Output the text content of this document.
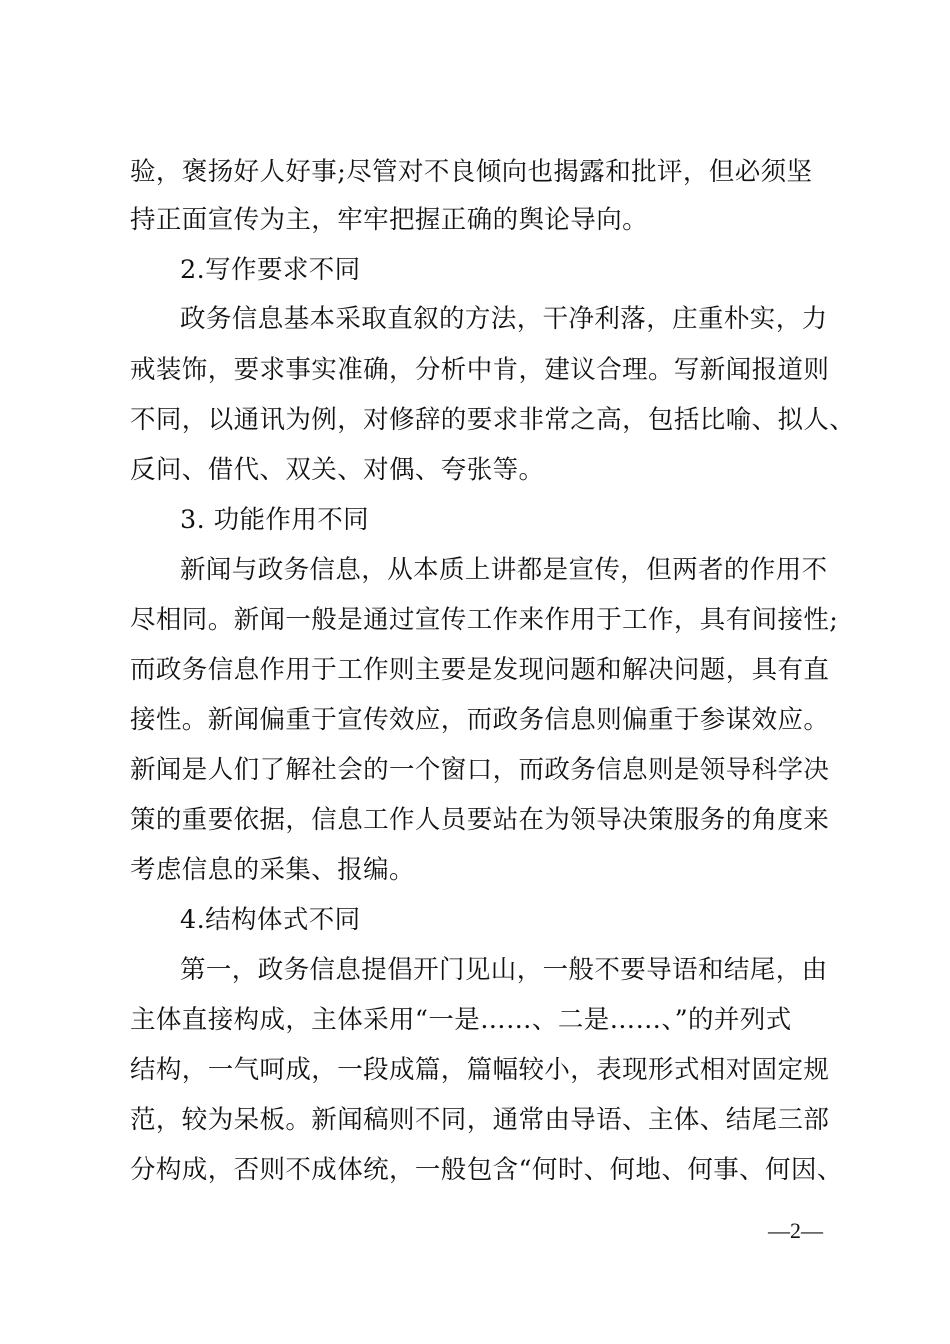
验，褒扬好人好事;尽管对不良倾向也揭露和批评，但必须坚
持正面宣传为主，牢牢把握正确的舆论导向。
2.写作要求不同
政务信息基本采取直叙的方法，干净利落，庄重朴实，力
戒装饰，要求事实准确，分析中肯，建议合理。写新闻报道则
不同，以通讯为例，对修辞的要求非常之高，包括比喻、拟人、
反问、借代、双关、对偶、夸张等。
3. 功能作用不同
新闻与政务信息，从本质上讲都是宣传，但两者的作用不
尽相同。新闻一般是通过宣传工作来作用于工作，具有间接性;
而政务信息作用于工作则主要是发现问题和解决问题，具有直
接性。新闻偏重于宣传效应，而政务信息则偏重于参谋效应。
新闻是人们了解社会的一个窗口，而政务信息则是领导科学决
策的重要依据，信息工作人员要站在为领导决策服务的角度来
考虑信息的采集、报编。
4.结构体式不同
第一，政务信息提倡开门见山，一般不要导语和结尾，由
主体直接构成，主体采用“一是……、二是……、”的并列式
结构，一气呵成，一段成篇，篇幅较小，表现形式相对固定规
范，较为呆板。新闻稿则不同，通常由导语、主体、结尾三部
分构成，否则不成体统，一般包含“何时、何地、何事、何因、
—2—
